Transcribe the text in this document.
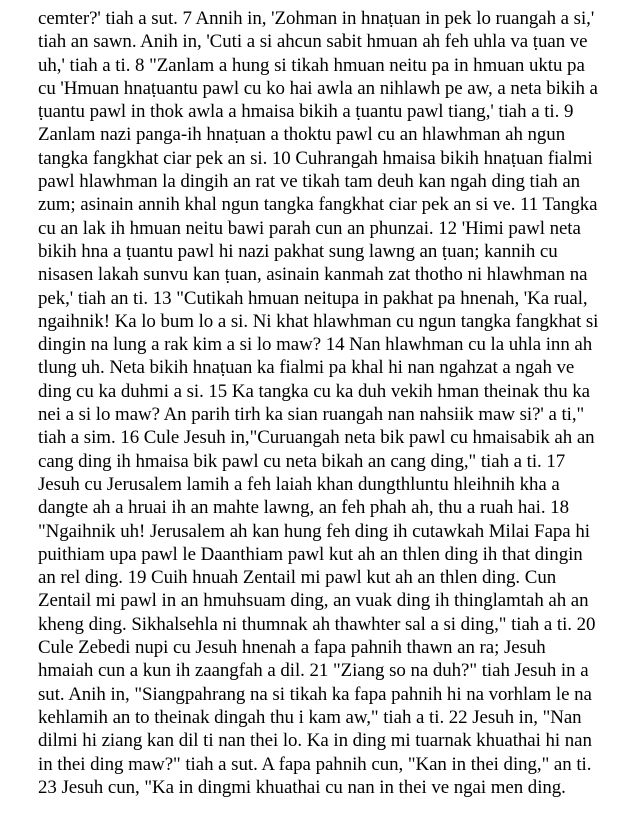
cemter?' tiah a sut. 7 Annih in, 'Zohman in hnaṭuan in pek lo ruangah a si,'
tiah an sawn. Anih in, 'Cuti a si ahcun sabit hmuan ah feh uhla va ṭuan ve
uh,' tiah a ti. 8 "Zanlam a hung si tikah hmuan neitu pa in hmuan uktu pa
cu 'Hmuan hnaṭuantu pawl cu ko hai awla an nihlawh pe aw, a neta bikih a
ṭuantu pawl in thok awla a hmaisa bikih a ṭuantu pawl tiang,' tiah a ti. 9
Zanlam nazi panga-ih hnaṭuan a thoktu pawl cu an hlawhman ah ngun
tangka fangkhat ciar pek an si. 10 Cuhrangah hmaisa bikih hnaṭuan fialmi
pawl hlawhman la dingih an rat ve tikah tam deuh kan ngah ding tiah an
zum; asinain annih khal ngun tangka fangkhat ciar pek an si ve. 11 Tangka
cu an lak ih hmuan neitu bawi parah cun an phunzai. 12 'Himi pawl neta
bikih hna a ṭuantu pawl hi nazi pakhat sung lawng an ṭuan; kannih cu
nisasen lakah sunvu kan ṭuan, asinain kanmah zat thotho ni hlawhman na
pek,' tiah an ti. 13 "Cutikah hmuan neitupa in pakhat pa hnenah, 'Ka rual,
ngaihnik! Ka lo bum lo a si. Ni khat hlawhman cu ngun tangka fangkhat si
dingin na lung a rak kim a si lo maw? 14 Nan hlawhman cu la uhla inn ah
tlung uh. Neta bikih hnaṭuan ka fialmi pa khal hi nan ngahzat a ngah ve
ding cu ka duhmi a si. 15 Ka tangka cu ka duh vekih hman theinak thu ka
nei a si lo maw? An parih tirh ka sian ruangah nan nahsiik maw si?' a ti,"
tiah a sim. 16 Cule Jesuh in,"Curuangah neta bik pawl cu hmaisabik ah an
cang ding ih hmaisa bik pawl cu neta bikah an cang ding," tiah a ti. 17
Jesuh cu Jerusalem lamih a feh laiah khan dungthluntu hleihnih kha a
dangte ah a hruai ih an mahte lawng, an feh phah ah, thu a ruah hai. 18
"Ngaihnik uh! Jerusalem ah kan hung feh ding ih cutawkah Milai Fapa hi
puithiam upa pawl le Daanthiam pawl kut ah an thlen ding ih that dingin
an rel ding. 19 Cuih hnuah Zentail mi pawl kut ah an thlen ding. Cun
Zentail mi pawl in an hmuhsuam ding, an vuak ding ih thinglamtah ah an
kheng ding. Sikhalsehla ni thumnak ah thawhter sal a si ding," tiah a ti. 20
Cule Zebedi nupi cu Jesuh hnenah a fapa pahnih thawn an ra; Jesuh
hmaiah cun a kun ih zaangfah a dil. 21 "Ziang so na duh?" tiah Jesuh in a
sut. Anih in, "Siangpahrang na si tikah ka fapa pahnih hi na vorhlam le na
kehlamih an to theinak dingah thu i kam aw," tiah a ti. 22 Jesuh in, "Nan
dilmi hi ziang kan dil ti nan thei lo. Ka in ding mi tuarnak khuathai hi nan
in thei ding maw?" tiah a sut. A fapa pahnih cun, "Kan in thei ding," an ti.
23 Jesuh cun, "Ka in dingmi khuathai cu nan in thei ve ngai men ding.
